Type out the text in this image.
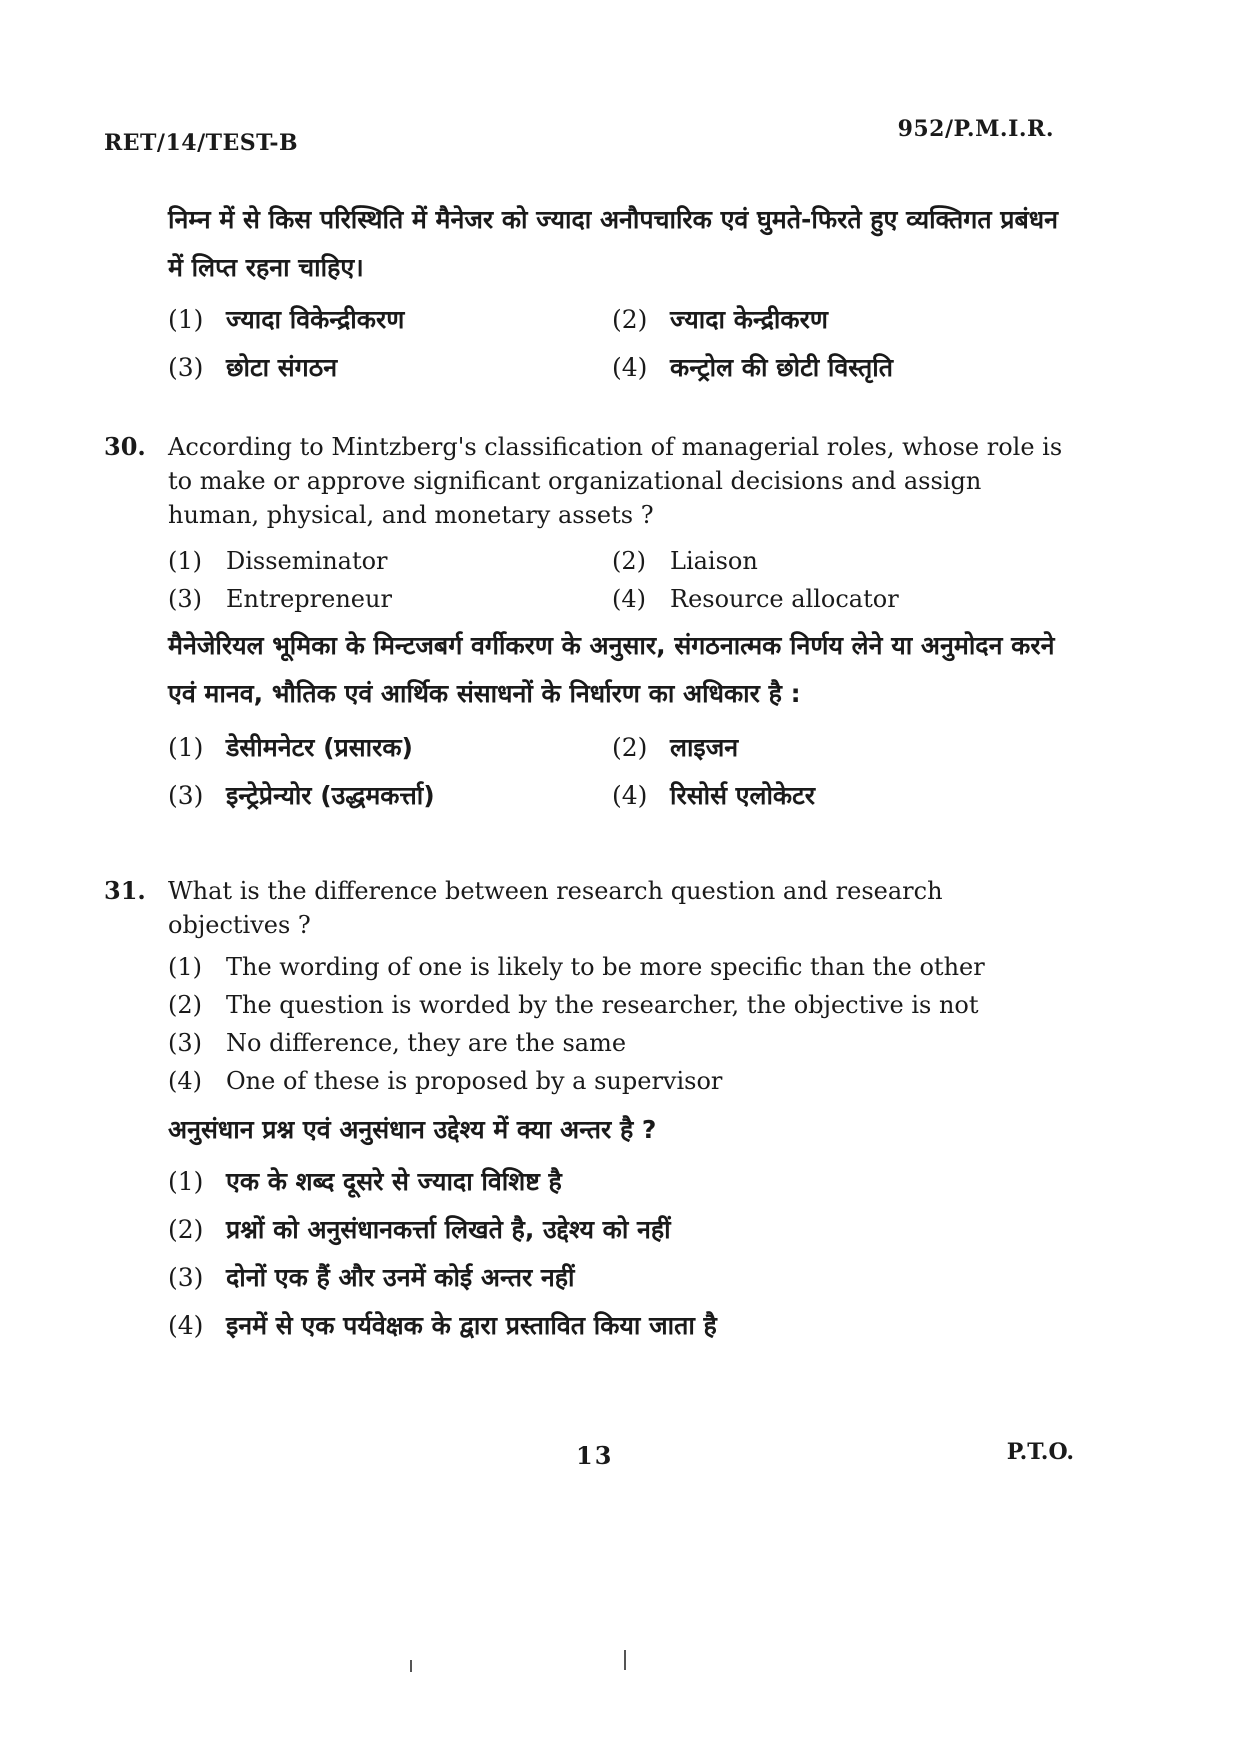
RET/14/TEST-B
952/P.M.I.R.
निम्न में से किस परिस्थिति में मैनेजर को ज्यादा अनौपचारिक एवं घुमते-फिरते हुए व्यक्तिगत प्रबंधन में लिप्त रहना चाहिए।
(1) ज्यादा विकेन्द्रीकरण	(2) ज्यादा केन्द्रीकरण
(3) छोटा संगठन	(4) कन्ट्रोल की छोटी विस्तृति
30. According to Mintzberg's classification of managerial roles, whose role is to make or approve significant organizational decisions and assign human, physical, and monetary assets ?
(1)	Disseminator	(2)	Liaison
(3)	Entrepreneur	(4)	Resource allocator
मैनेजेरियल भूमिका के मिन्टजबर्ग वर्गीकरण के अनुसार, संगठनात्मक निर्णय लेने या अनुमोदन करने एवं मानव, भौतिक एवं आर्थिक संसाधनों के निर्धारण का अधिकार है :
(1) डेसीमनेटर (प्रसारक)	(2) लाइजन
(3) इन्ट्रेप्रेन्योर (उद्धमकर्त्ता)	(4) रिसोर्स एलोकेटर
31. What is the difference between research question and research objectives ?
(1)	The wording of one is likely to be more specific than the other
(2)	The question is worded by the researcher, the objective is not
(3)	No difference, they are the same
(4)	One of these is proposed by a supervisor
अनुसंधान प्रश्न एवं अनुसंधान उद्देश्य में क्या अन्तर है ?
(1) एक के शब्द दूसरे से ज्यादा विशिष्ट है
(2) प्रश्नों को अनुसंधानकर्त्ता लिखते है, उद्देश्य को नहीं
(3) दोनों एक हैं और उनमें कोई अन्तर नहीं
(4) इनमें से एक पर्यवेक्षक के द्वारा प्रस्तावित किया जाता है
13	P.T.O.
